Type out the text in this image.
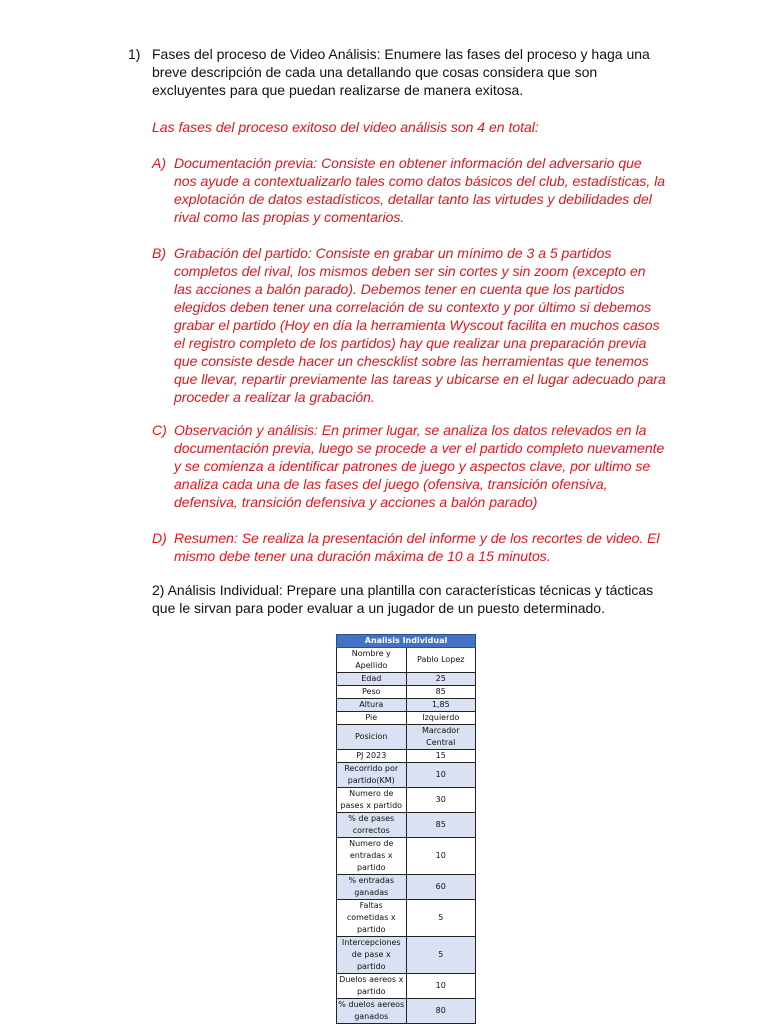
1) Fases del proceso de Video Análisis: Enumere las fases del proceso y haga una breve descripción de cada una detallando que cosas considera que son excluyentes para que puedan realizarse de manera exitosa.
Las fases del proceso exitoso del video análisis son 4 en total:
A) Documentación previa: Consiste en obtener información del adversario que nos ayude a contextualizarlo tales como datos básicos del club, estadísticas, la explotación de datos estadísticos, detallar tanto las virtudes y debilidades del rival como las propias y comentarios.
B) Grabación del partido: Consiste en grabar un mínimo de 3 a 5 partidos completos del rival, los mismos deben ser sin cortes y sin zoom (excepto en las acciones a balón parado). Debemos tener en cuenta que los partidos elegidos deben tener una correlación de su contexto y por último si debemos grabar el partido (Hoy en día la herramienta Wyscout facilita en muchos casos el registro completo de los partidos) hay que realizar una preparación previa que consiste desde hacer un chescklist sobre las herramientas que tenemos que llevar, repartir previamente las tareas y ubicarse en el lugar adecuado para proceder a realizar la grabación.
C) Observación y análisis: En primer lugar, se analiza los datos relevados en la documentación previa, luego se procede a ver el partido completo nuevamente y se comienza a identificar patrones de juego y aspectos clave, por ultimo se analiza cada una de las fases del juego (ofensiva, transición ofensiva, defensiva, transición defensiva y acciones a balón parado)
D) Resumen: Se realiza la presentación del informe y de los recortes de video. El mismo debe tener una duración máxima de 10 a 15 minutos.
2) Análisis Individual: Prepare una plantilla con características técnicas y tácticas que le sirvan para poder evaluar a un jugador de un puesto determinado.
Analisis Individual	
Nombre y Apellido	Pablo Lopez
Edad	25
Peso	85
Altura	1,85
Pie	Izquierdo
Posicion	Marcador Central
PJ 2023	15
Recorrido por partido(KM)	10
Numero de pases x partido	30
% de pases correctos	85
Numero de entradas x partido	10
% entradas ganadas	60
Faltas cometidas x partido	5
Intercepciones de pase x partido	5
Duelos aereos x partido	10
% duelos aereos ganados	80
